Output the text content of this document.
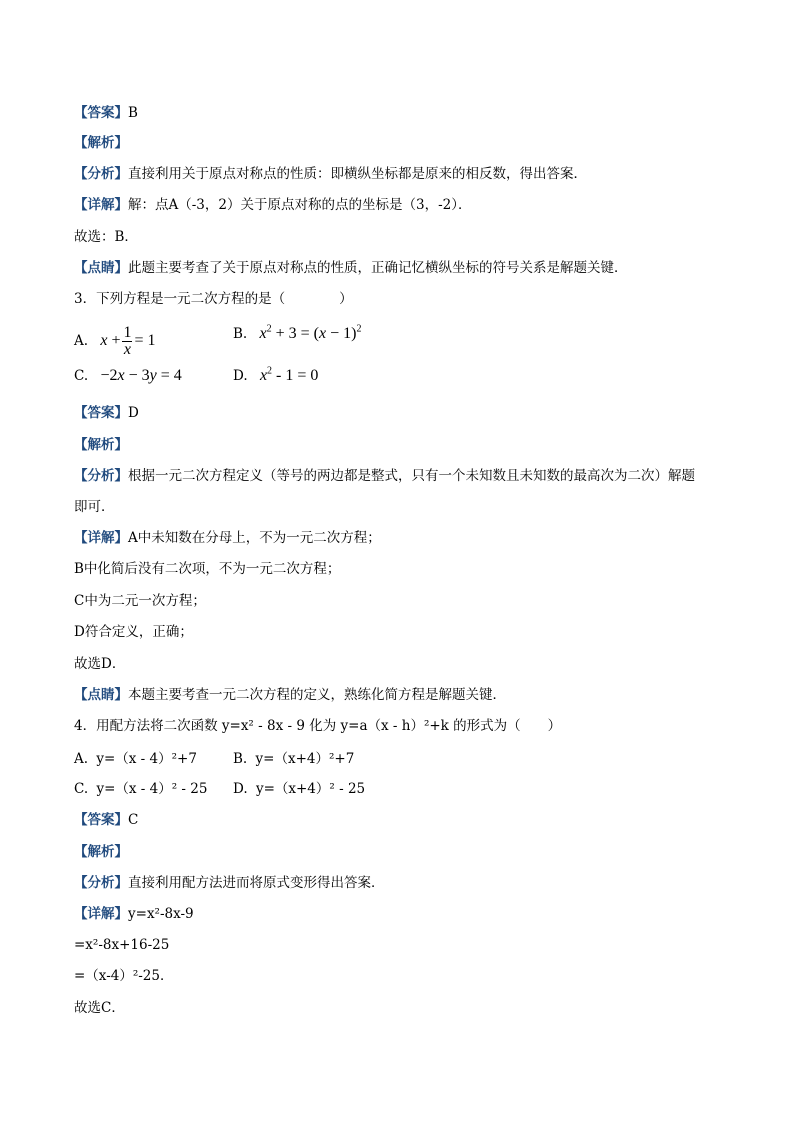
【答案】B
【解析】
【分析】直接利用关于原点对称点的性质：即横纵坐标都是原来的相反数，得出答案．
【详解】解：点A（-3，2）关于原点对称的点的坐标是（3，-2）．
故选：B．
【点睛】此题主要考查了关于原点对称点的性质，正确记忆横纵坐标的符号关系是解题关键．
3．下列方程是一元二次方程的是（　　　　）
A. $x + \frac{1}{x} = 1$	B. $x^2 + 3 = (x - 1)^2$
C. −2x − 3y = 4	D. $x^2 - 1 = 0$
【答案】D
【解析】
【分析】根据一元二次方程定义（等号的两边都是整式，只有一个未知数且未知数的最高次为二次）解题
即可．
【详解】A中未知数在分母上，不为一元二次方程；
B中化简后没有二次项，不为一元二次方程；
C中为二元一次方程；
D符合定义，正确；
故选D．
【点睛】本题主要考查一元二次方程的定义，熟练化简方程是解题关键．
4．用配方法将二次函数 y=x² - 8x - 9 化为 y=a（x - h）²+k 的形式为（　　）
A. y=（x - 4）²+7	B. y=（x+4）²+7
C. y=（x - 4）² - 25 D. y=（x+4）² - 25
【答案】C
【解析】
【分析】直接利用配方法进而将原式变形得出答案．
【详解】y=x²-8x-9
=x²-8x+16-25
=（x-4）²-25．
故选C．
